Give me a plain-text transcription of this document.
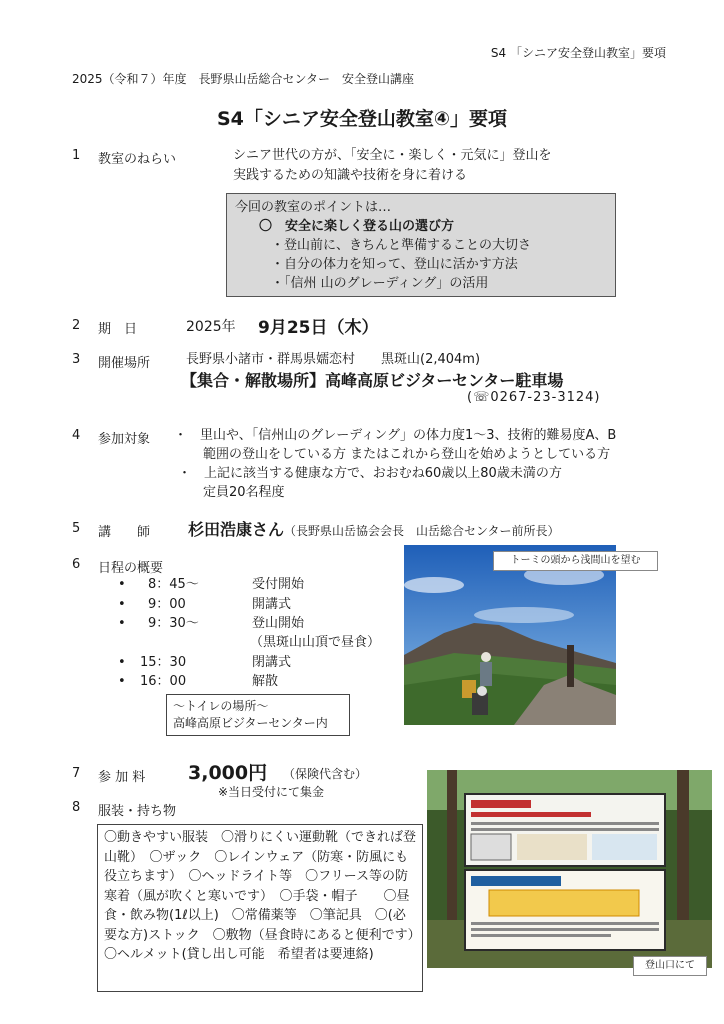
S4 「シニア安全登山教室」要項
2025（令和７）年度　長野県山岳総合センター　安全登山講座
S4「シニア安全登山教室④」要項
1 教室のねらい	シニア世代の方が、「安全に・楽しく・元気に」登山を
実践するための知識や技術を身に着ける
今回の教室のポイントは…
〇　安全に楽しく登る山の選び方
・登山前に、きちんと準備することの大切さ
・自分の体力を知って、登山に活かす方法
・「信州 山のグレーディング」の活用
2 期　日	2025年 9月25日（木）
3 開催場所	長野県小諸市・群馬県嬬恋村　　黒斑山(2,404m)
【集合・解散場所】高峰高原ビジターセンター駐車場
(☏0267-23-3124)
4 参加対象 ・　里山や、「信州山のグレーディング」の体力度1～3、技術的難易度A、B
範囲の登山をしている方 またはこれから登山を始めようとしている方
・　上記に該当する健康な方で、おおむね60歳以上80歳未満の方
定員20名程度
5 講　　師 杉田浩康さん（長野県山岳協会会長　山岳総合センター前所長）
6 日程の概要
• 8：45～	受付開始
• 9：00	開講式
• 9：30～	登山開始
（黒斑山山頂で昼食）
• 15：30	閉講式
• 16：00	解散
～トイレの場所～
高峰高原ビジターセンター内
トーミの頭から浅間山を望む
7 参 加 料 3,000円 （保険代含む）
※当日受付にて集金
8 服装・持ち物
〇動きやすい服装　〇滑りにくい運動靴（できれば登山靴）　〇ザック　〇レインウェア（防寒・防風にも役立ちます）　〇ヘッドライト等　〇フリース等の防寒着（風が吹くと寒いです）　〇手袋・帽子　　〇昼食・飲み物(1ℓ以上)　〇常備薬等　〇筆記具　〇(必要な方)ストック　〇敷物（昼食時にあると便利です）　〇ヘルメット(貸し出し可能　希望者は要連絡)
登山口にて
